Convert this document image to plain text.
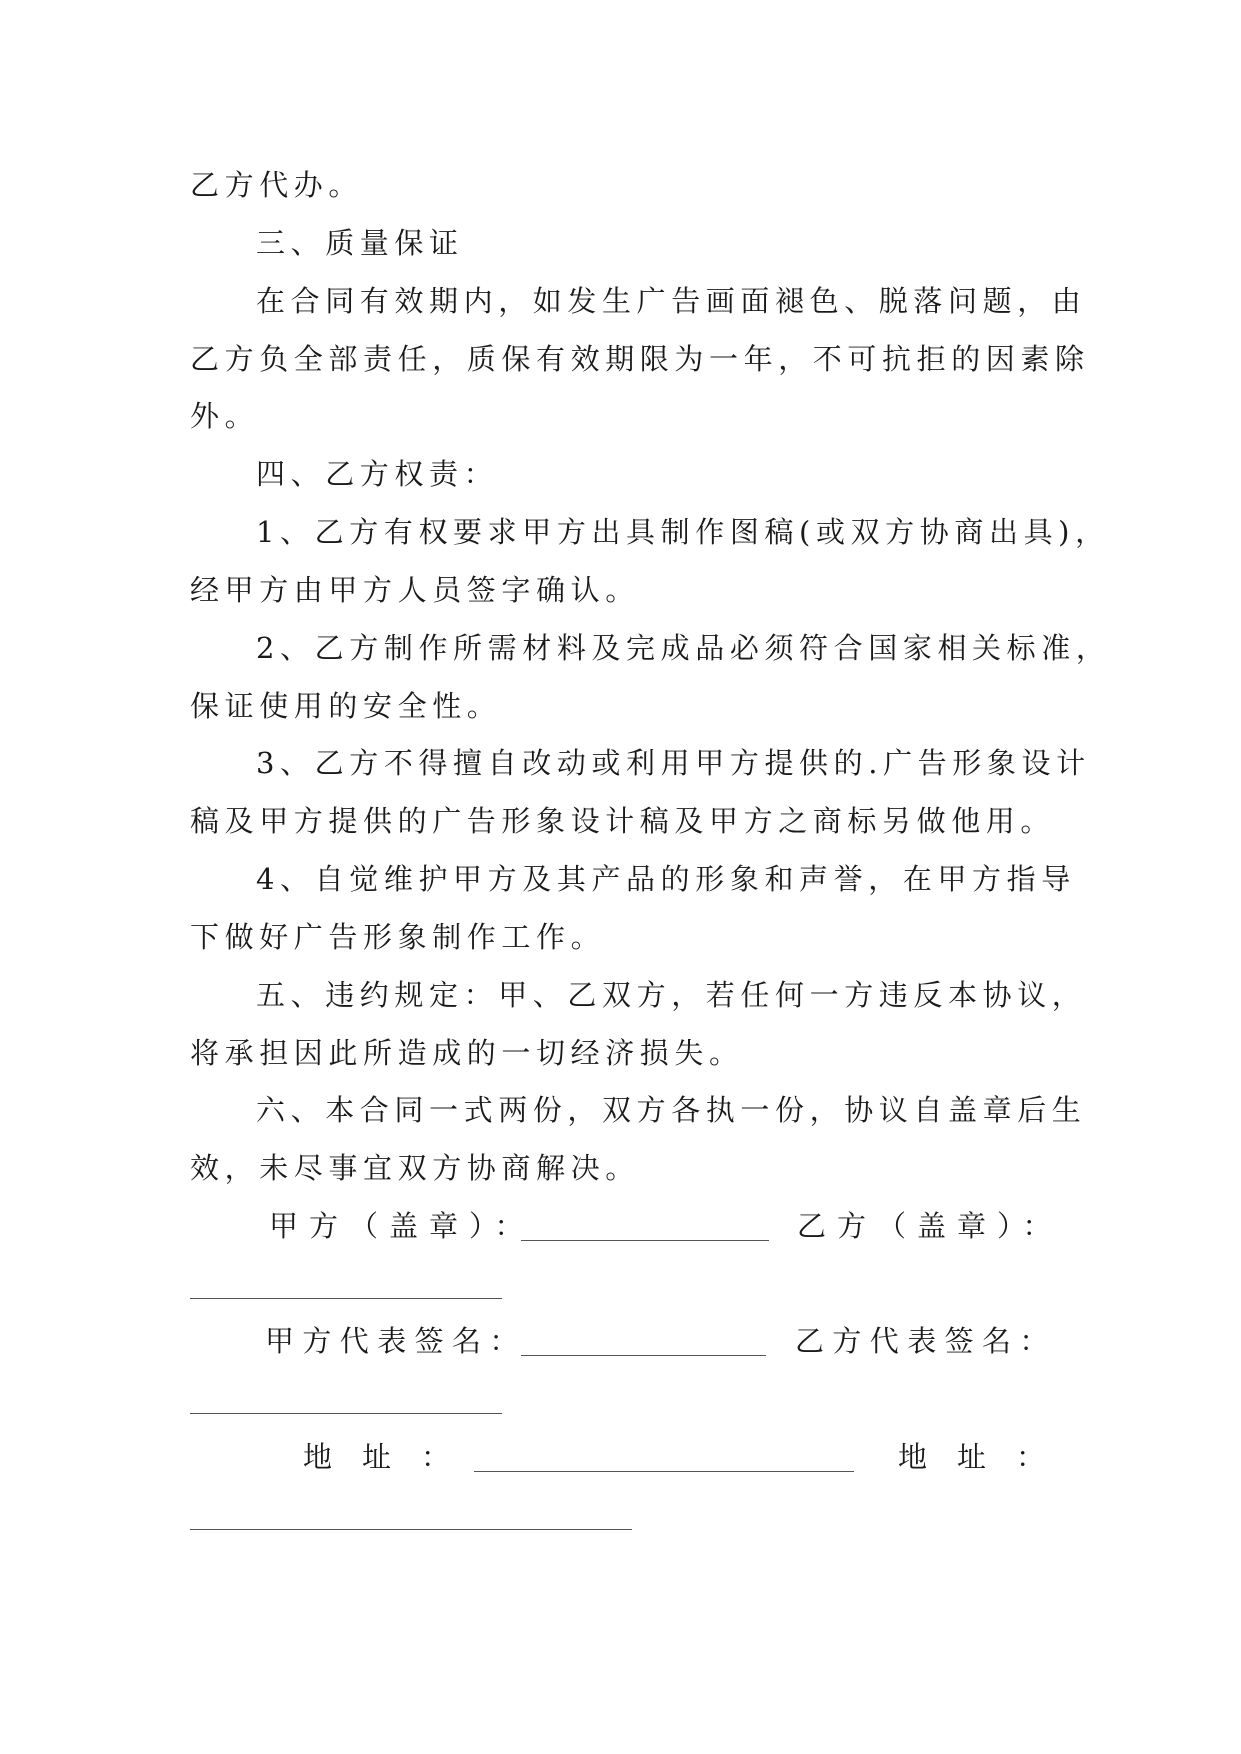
乙方代办。
三、质量保证
在合同有效期内，如发生广告画面褪色、脱落问题，由
乙方负全部责任，质保有效期限为一年，不可抗拒的因素除
外。
四、乙方权责：
1、乙方有权要求甲方出具制作图稿(或双方协商出具)，
经甲方由甲方人员签字确认。
2、乙方制作所需材料及完成品必须符合国家相关标准，
保证使用的安全性。
3、乙方不得擅自改动或利用甲方提供的.广告形象设计
稿及甲方提供的广告形象设计稿及甲方之商标另做他用。
4、自觉维护甲方及其产品的形象和声誉，在甲方指导
下做好广告形象制作工作。
五、违约规定：甲、乙双方，若任何一方违反本协议，
将承担因此所造成的一切经济损失。
六、本合同一式两份，双方各执一份，协议自盖章后生
效，未尽事宜双方协商解决。
甲方（盖章）：	乙方（盖章）：
甲方代表签名：	乙方代表签名：
地址：	地址：
